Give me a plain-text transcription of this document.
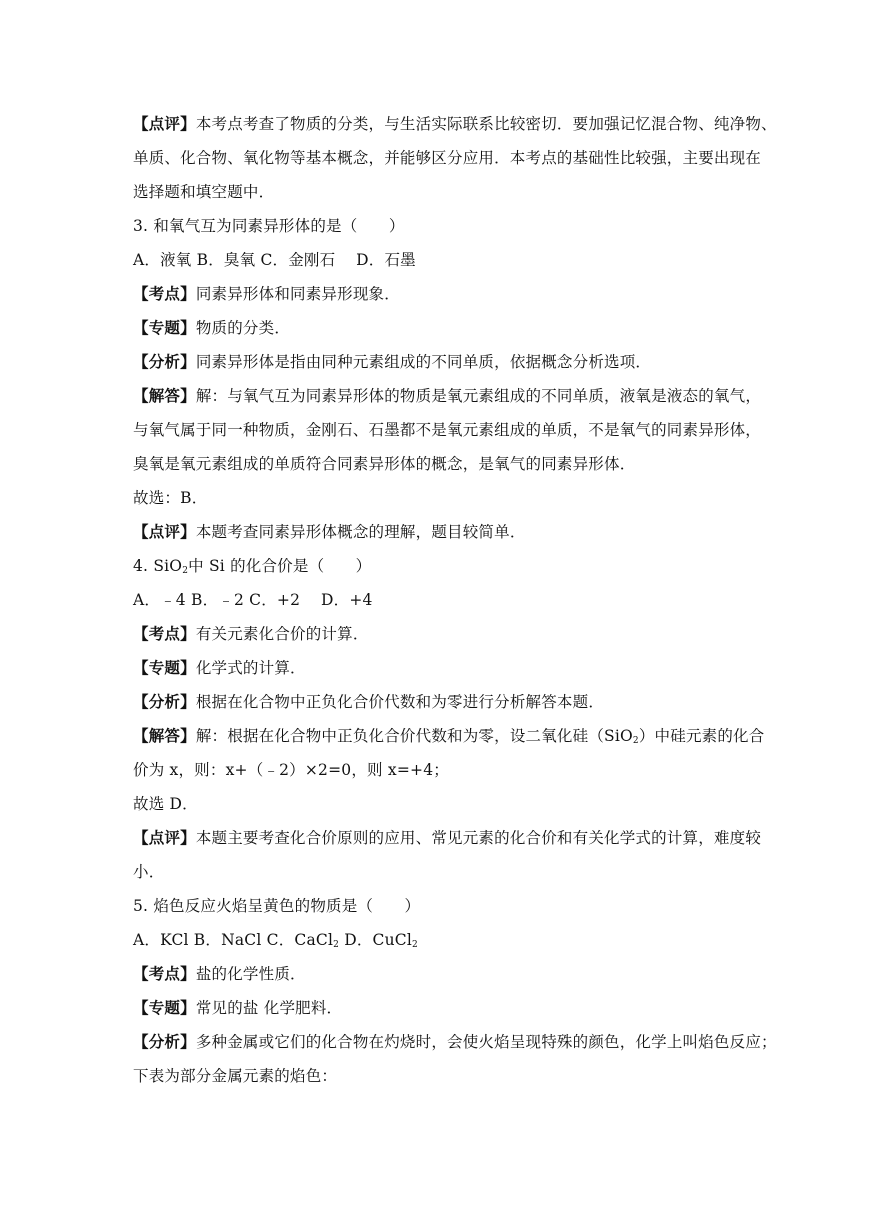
【点评】本考点考查了物质的分类，与生活实际联系比较密切．要加强记忆混合物、纯净物、
单质、化合物、氧化物等基本概念，并能够区分应用．本考点的基础性比较强，主要出现在
选择题和填空题中．
3. 和氧气互为同素异形体的是（　　）
A．液氧 B．臭氧 C．金刚石　 D．石墨
【考点】同素异形体和同素异形现象．
【专题】物质的分类．
【分析】同素异形体是指由同种元素组成的不同单质，依据概念分析选项．
【解答】解：与氧气互为同素异形体的物质是氧元素组成的不同单质，液氧是液态的氧气，
与氧气属于同一种物质，金刚石、石墨都不是氧元素组成的单质，不是氧气的同素异形体，
臭氧是氧元素组成的单质符合同素异形体的概念，是氧气的同素异形体．
故选：B．
【点评】本题考查同素异形体概念的理解，题目较简单．
4. SiO$_2$中 Si 的化合价是（　　）
A．﹣4 B．﹣2 C．+2　 D．+4
【考点】有关元素化合价的计算．
【专题】化学式的计算．
【分析】根据在化合物中正负化合价代数和为零进行分析解答本题．
【解答】解：根据在化合物中正负化合价代数和为零，设二氧化硅（SiO$_2$）中硅元素的化合
价为 x，则：x+（﹣2）×2=0，则 x=+4；
故选 D．
【点评】本题主要考查化合价原则的应用、常见元素的化合价和有关化学式的计算，难度较
小．
5. 焰色反应火焰呈黄色的物质是（　　）
A．KCl B．NaCl C．CaCl$_2$ D．CuCl$_2$
【考点】盐的化学性质．
【专题】常见的盐 化学肥料．
【分析】多种金属或它们的化合物在灼烧时，会使火焰呈现特殊的颜色，化学上叫焰色反应；
下表为部分金属元素的焰色：
